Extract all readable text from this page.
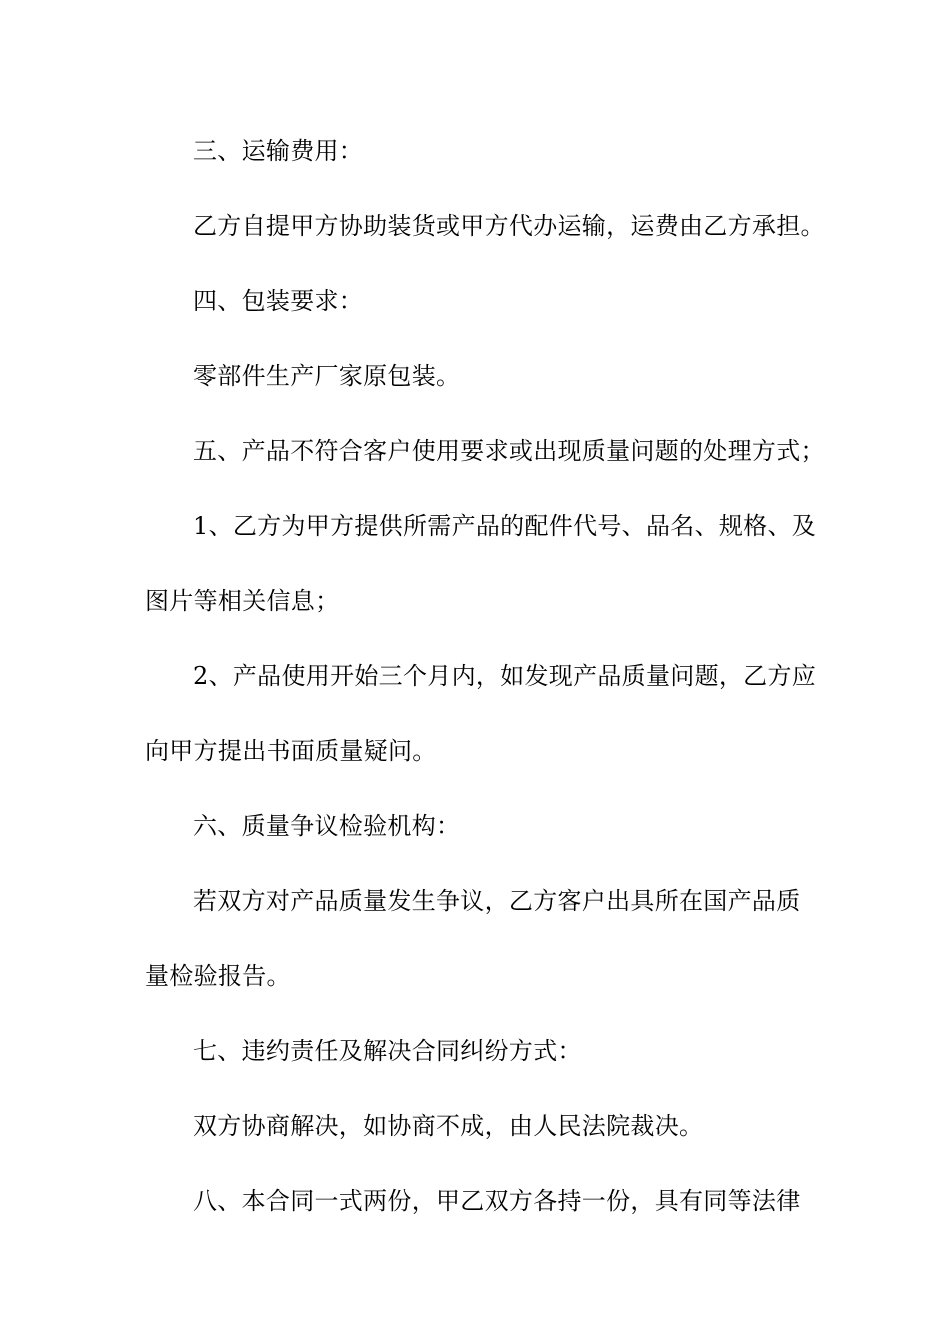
三、运输费用：
乙方自提甲方协助装货或甲方代办运输，运费由乙方承担。
四、包装要求：
零部件生产厂家原包装。
五、产品不符合客户使用要求或出现质量问题的处理方式；
1、乙方为甲方提供所需产品的配件代号、品名、规格、及
图片等相关信息；
2、产品使用开始三个月内，如发现产品质量问题，乙方应
向甲方提出书面质量疑问。
六、质量争议检验机构：
若双方对产品质量发生争议，乙方客户出具所在国产品质
量检验报告。
七、违约责任及解决合同纠纷方式：
双方协商解决，如协商不成，由人民法院裁决。
八、本合同一式两份，甲乙双方各持一份，具有同等法律
